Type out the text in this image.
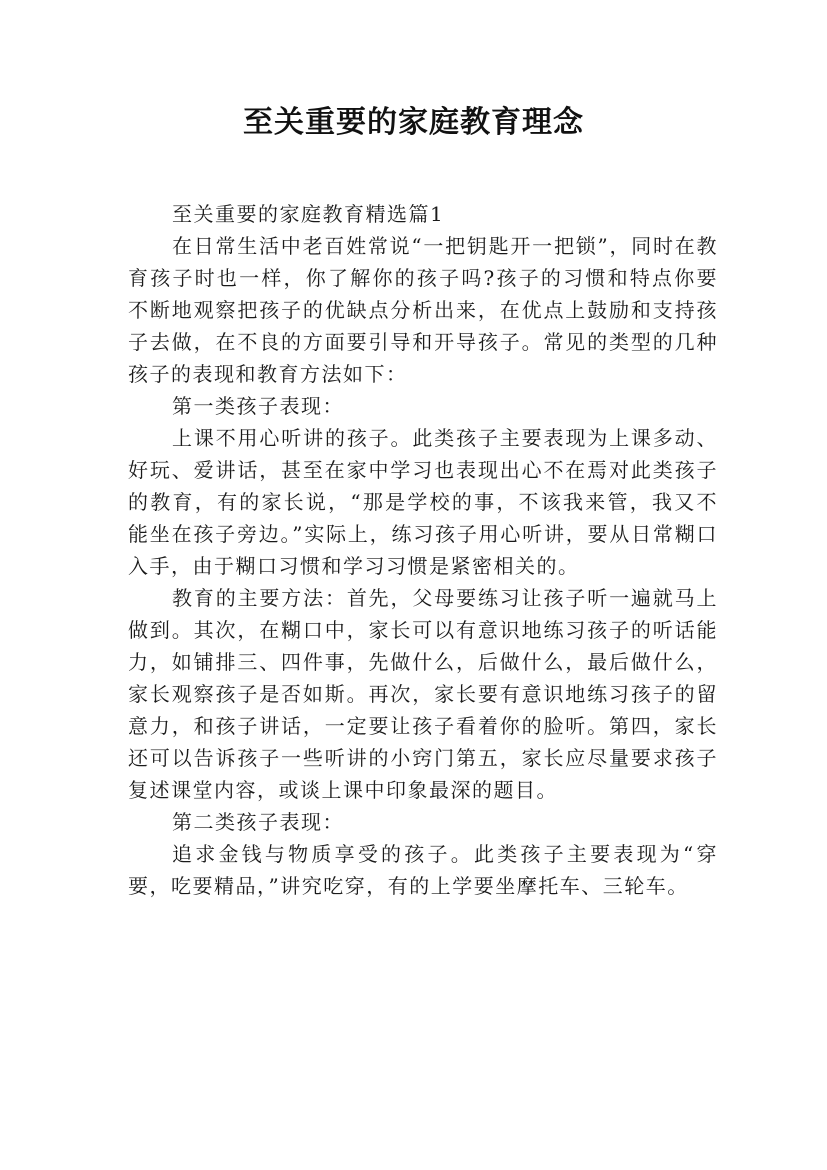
至关重要的家庭教育理念

至关重要的家庭教育精选篇1

在日常生活中老百姓常说“一把钥匙开一把锁”，同时在教育孩子时也一样，你了解你的孩子吗?孩子的习惯和特点你要不断地观察把孩子的优缺点分析出来，在优点上鼓励和支持孩子去做，在不良的方面要引导和开导孩子。常见的类型的几种孩子的表现和教育方法如下：

第一类孩子表现：

上课不用心听讲的孩子。此类孩子主要表现为上课多动、好玩、爱讲话，甚至在家中学习也表现出心不在焉对此类孩子的教育，有的家长说，“那是学校的事，不该我来管，我又不能坐在孩子旁边。”实际上，练习孩子用心听讲，要从日常糊口入手，由于糊口习惯和学习习惯是紧密相关的。

教育的主要方法：首先，父母要练习让孩子听一遍就马上做到。其次，在糊口中，家长可以有意识地练习孩子的听话能力，如铺排三、四件事，先做什么，后做什么，最后做什么，家长观察孩子是否如斯。再次，家长要有意识地练习孩子的留意力，和孩子讲话，一定要让孩子看着你的脸听。第四，家长还可以告诉孩子一些听讲的小窍门第五，家长应尽量要求孩子复述课堂内容，或谈上课中印象最深的题目。

第二类孩子表现：

追求金钱与物质享受的孩子。此类孩子主要表现为“穿要，吃要精品，”讲究吃穿，有的上学要坐摩托车、三轮车。
